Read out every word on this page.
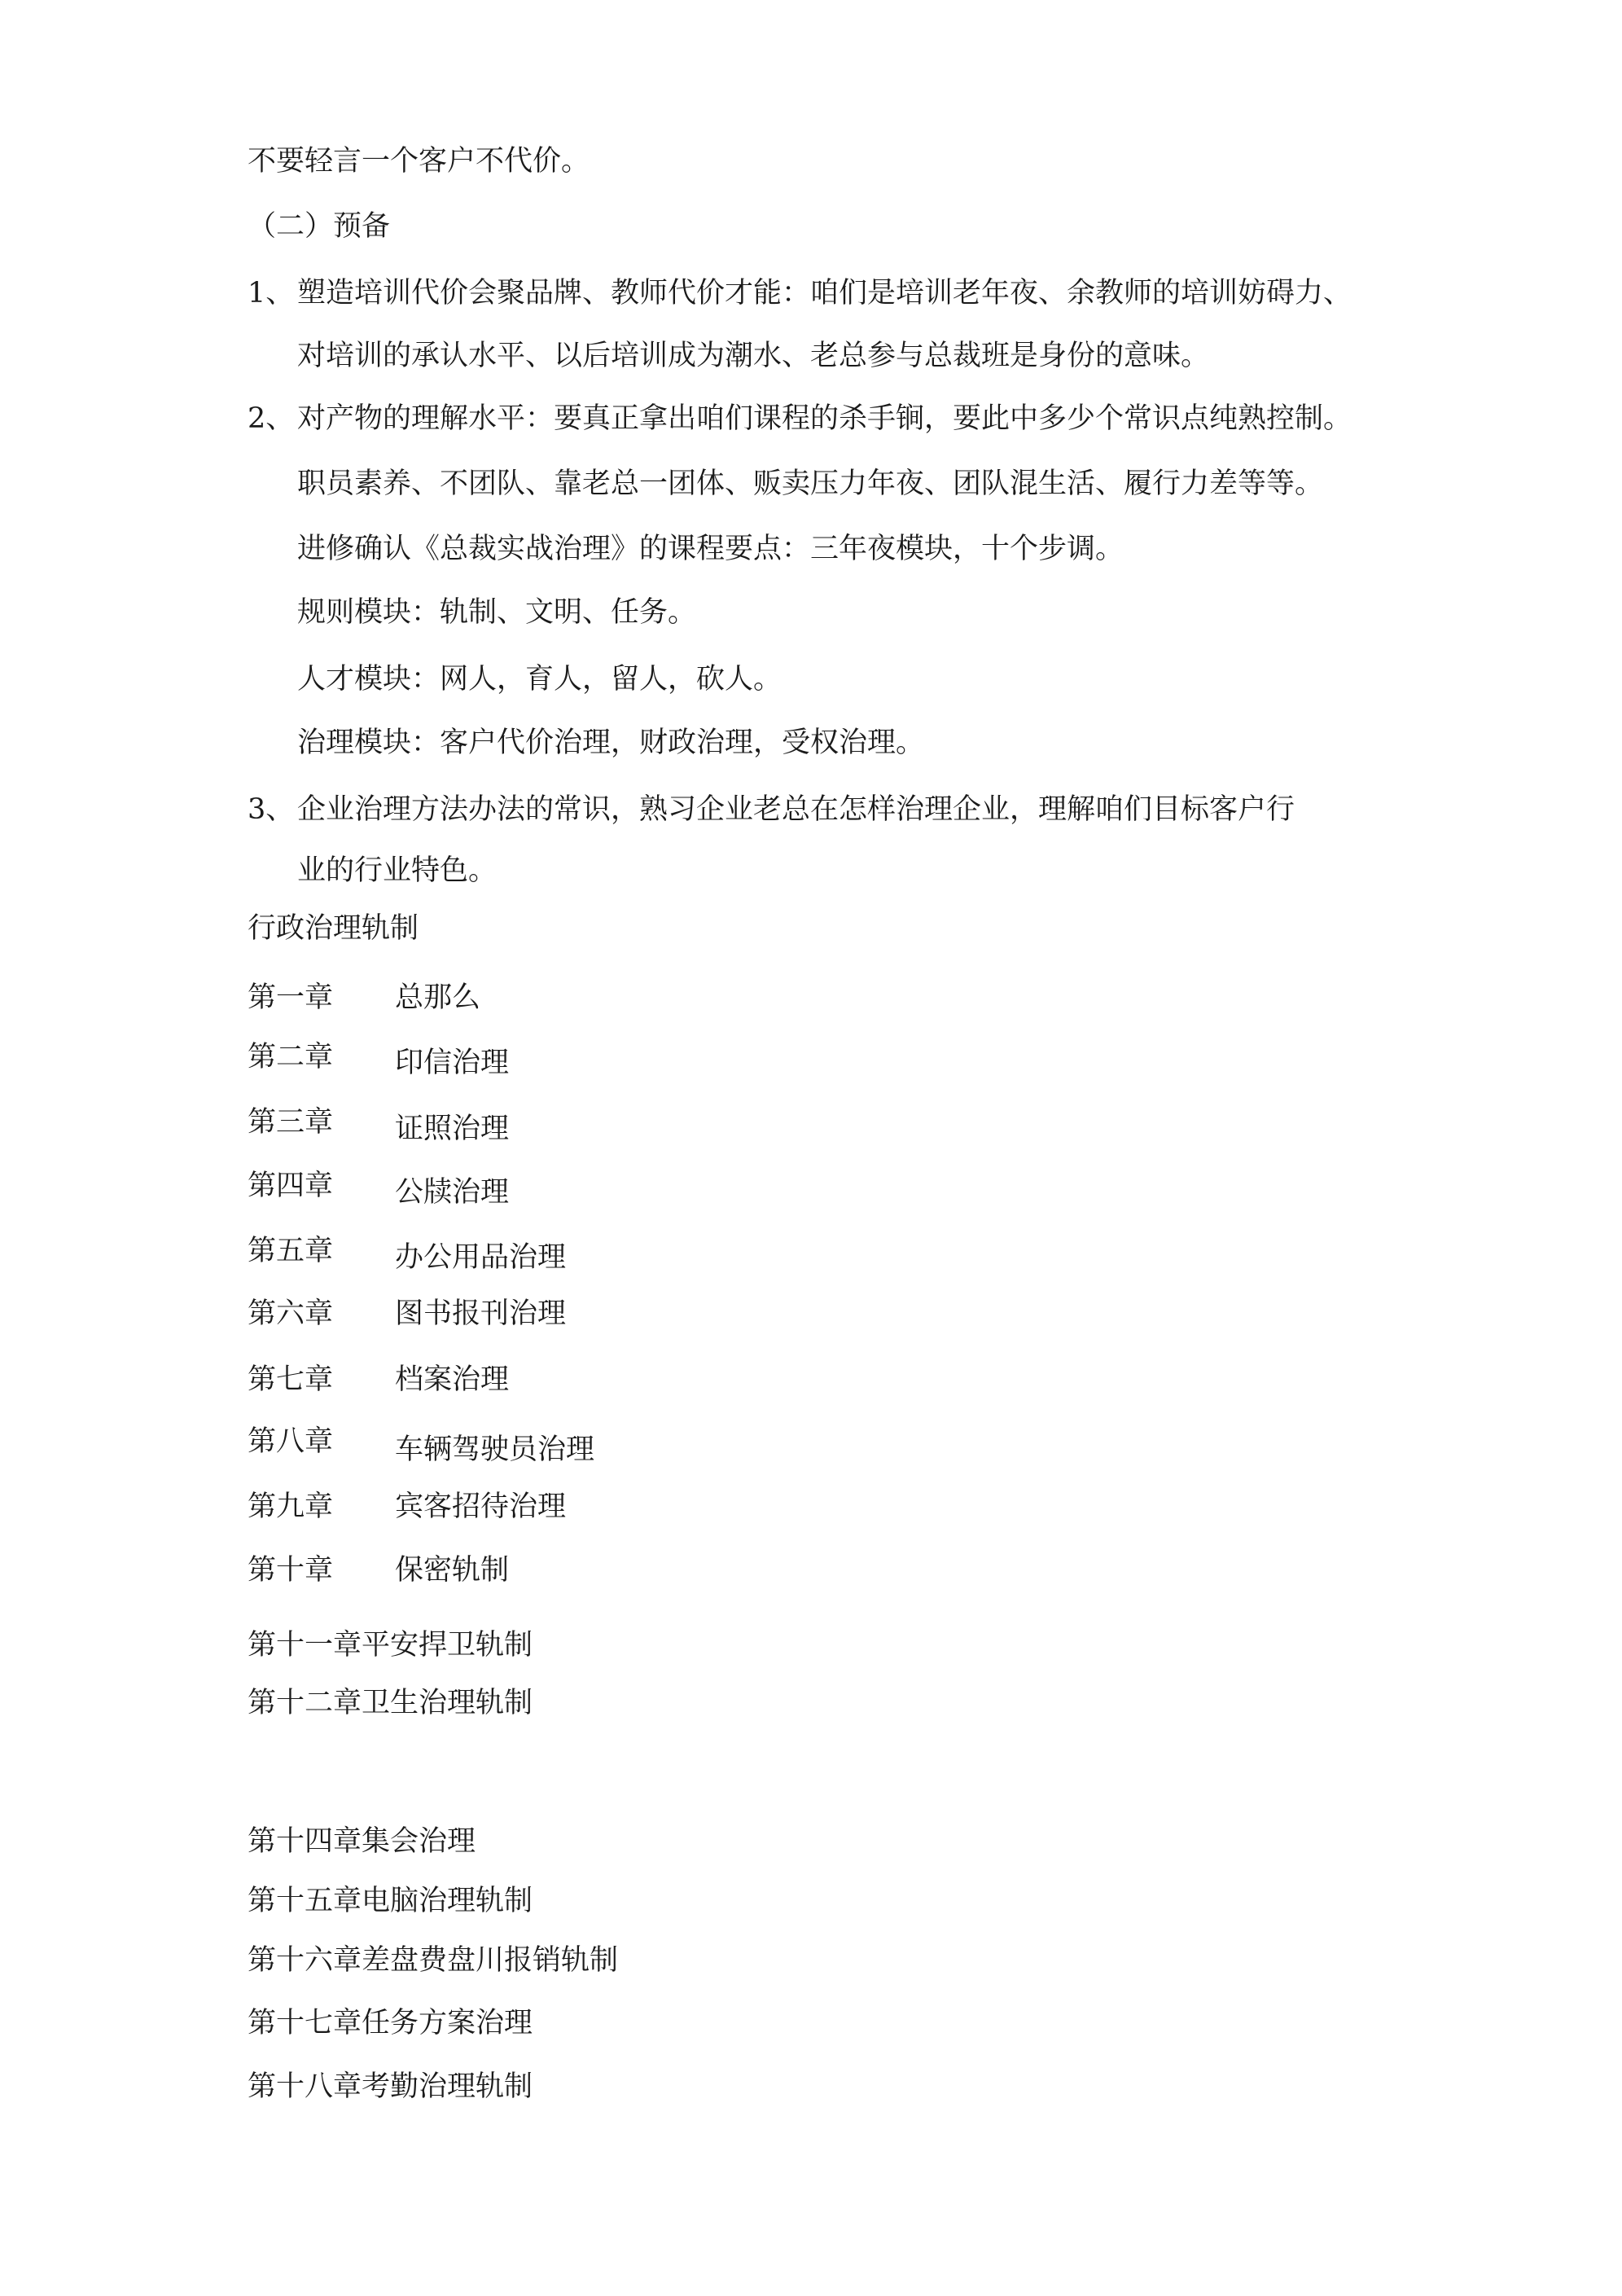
不要轻言一个客户不代价。
（二）预备
1、 塑造培训代价会聚品牌、教师代价才能：咱们是培训老年夜、余教师的培训妨碍力、
对培训的承认水平、以后培训成为潮水、老总参与总裁班是身份的意味。
2、 对产物的理解水平：要真正拿出咱们课程的杀手锏，要此中多少个常识点纯熟控制。
职员素养、不团队、靠老总一团体、贩卖压力年夜、团队混生活、履行力差等等。
进修确认《总裁实战治理》的课程要点：三年夜模块，十个步调。
规则模块：轨制、文明、任务。
人才模块：网人，育人，留人，砍人。
治理模块：客户代价治理，财政治理，受权治理。
3、 企业治理方法办法的常识，熟习企业老总在怎样治理企业，理解咱们目标客户行
业的行业特色。
行政治理轨制
第一章 总那么
第二章 印信治理
第三章 证照治理
第四章 公牍治理
第五章 办公用品治理
第六章 图书报刊治理
第七章 档案治理
第八章 车辆驾驶员治理
第九章 宾客招待治理
第十章 保密轨制
第十一章平安捍卫轨制
第十二章卫生治理轨制
第十四章集会治理
第十五章电脑治理轨制
第十六章差盘费盘川报销轨制
第十七章任务方案治理
第十八章考勤治理轨制
